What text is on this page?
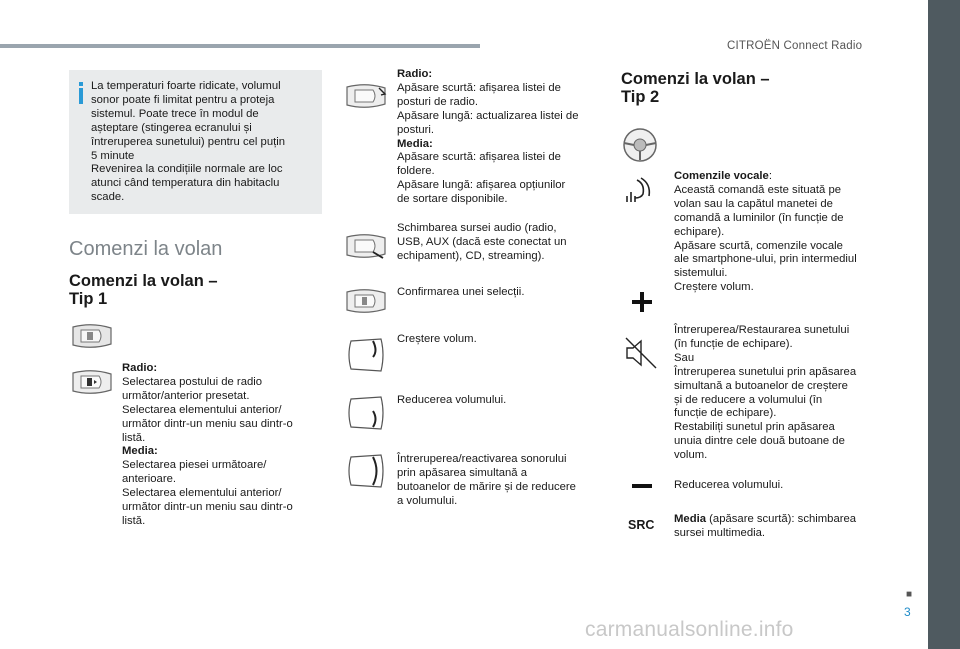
CITROËN Connect Radio
■
3
carmanualsonline.info
La temperaturi foarte ridicate, volumul
sonor poate fi limitat pentru a proteja
sistemul. Poate trece în modul de
așteptare (stingerea ecranului și
întreruperea sunetului) pentru cel puțin
5 minute
Revenirea la condițiile normale are loc
atunci când temperatura din habitaclu
scade.
Comenzi la volan
Comenzi la volan –
Tip 1
Radio:
Selectarea postului de radio
următor/anterior presetat.
Selectarea elementului anterior/
următor dintr-un meniu sau dintr-o
listă.
Media:
Selectarea piesei următoare/
anterioare.
Selectarea elementului anterior/
următor dintr-un meniu sau dintr-o
listă.
Radio:
Apăsare scurtă: afișarea listei de
posturi de radio.
Apăsare lungă: actualizarea listei de
posturi.
Media:
Apăsare scurtă: afișarea listei de
foldere.
Apăsare lungă: afișarea opțiunilor
de sortare disponibile.
Schimbarea sursei audio (radio,
USB, AUX (dacă este conectat un
echipament), CD, streaming).
Confirmarea unei selecții.
Creștere volum.
Reducerea volumului.
Întreruperea/reactivarea sonorului
prin apăsarea simultană a
butoanelor de mărire și de reducere
a volumului.
Comenzi la volan –
Tip 2
Comenzile vocale:
Această comandă este situată pe
volan sau la capătul manetei de
comandă a luminilor (în funcție de
echipare).
Apăsare scurtă, comenzile vocale
ale smartphone-ului, prin intermediul
sistemului.
Creștere volum.
Întreruperea/Restaurarea sunetului
(în funcție de echipare).
Sau
Întreruperea sunetului prin apăsarea
simultană a butoanelor de creștere
și de reducere a volumului (în
funcție de echipare).
Restabiliți sunetul prin apăsarea
unuia dintre cele două butoane de
volum.
Reducerea volumului.
SRC Media (apăsare scurtă): schimbarea
sursei multimedia.
